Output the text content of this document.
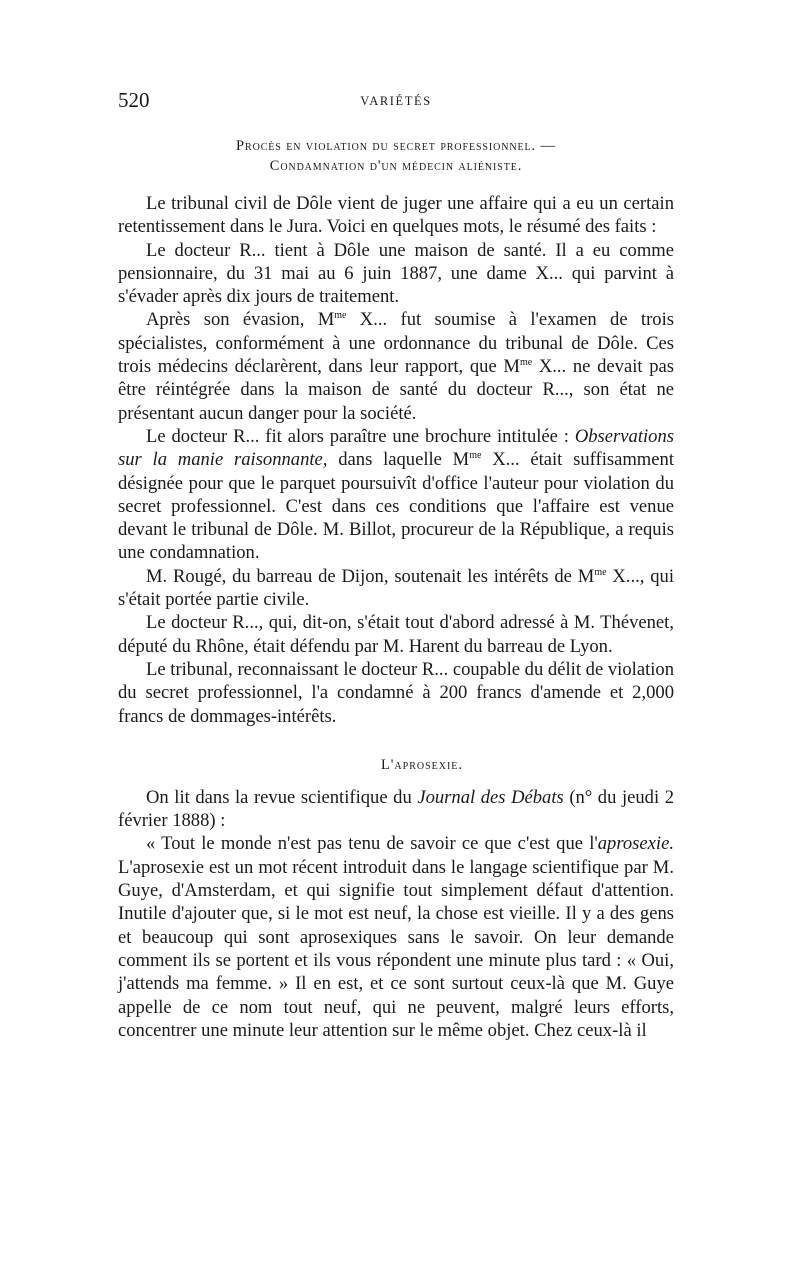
520	VARIÉTÉS
Procès en violation du secret professionnel. —
Condamnation d'un médecin aliéniste.

Le tribunal civil de Dôle vient de juger une affaire qui a eu un certain retentissement dans le Jura. Voici en quelques mots, le résumé des faits :

Le docteur R... tient à Dôle une maison de santé. Il a eu comme pensionnaire, du 31 mai au 6 juin 1887, une dame X... qui parvint à s'évader après dix jours de traitement.

Après son évasion, $M^{me}$ X... fut soumise à l'examen de trois spécialistes, conformément à une ordonnance du tribunal de Dôle. Ces trois médecins déclarèrent, dans leur rapport, que $M^{me}$ X... ne devait pas être réintégrée dans la maison de santé du docteur R..., son état ne présentant aucun danger pour la société.

Le docteur R... fit alors paraître une brochure intitulée : Observations sur la manie raisonnante, dans laquelle $M^{me}$ X... était suffisamment désignée pour que le parquet poursuivît d'office l'auteur pour violation du secret professionnel. C'est dans ces conditions que l'affaire est venue devant le tribunal de Dôle. M. Billot, procureur de la République, a requis une condamnation.

M. Rougé, du barreau de Dijon, soutenait les intérêts de $M^{me}$ X..., qui s'était portée partie civile.

Le docteur R..., qui, dit-on, s'était tout d'abord adressé à M. Thévenet, député du Rhône, était défendu par M. Harent du barreau de Lyon.

Le tribunal, reconnaissant le docteur R... coupable du délit de violation du secret professionnel, l'a condamné à 200 francs d'amende et 2,000 francs de dommages-intérêts.

L'aprosexie.

On lit dans la revue scientifique du Journal des Débats (n° du jeudi 2 février 1888) :

« Tout le monde n'est pas tenu de savoir ce que c'est que l'aprosexie. L'aprosexie est un mot récent introduit dans le langage scientifique par M. Guye, d'Amsterdam, et qui signifie tout simplement défaut d'attention. Inutile d'ajouter que, si le mot est neuf, la chose est vieille. Il y a des gens et beaucoup qui sont aprosexiques sans le savoir. On leur demande comment ils se portent et ils vous répondent une minute plus tard : « Oui, j'attends ma femme. » Il en est, et ce sont surtout ceux-là que M. Guye appelle de ce nom tout neuf, qui ne peuvent, malgré leurs efforts, concentrer une minute leur attention sur le même objet. Chez ceux-là il
